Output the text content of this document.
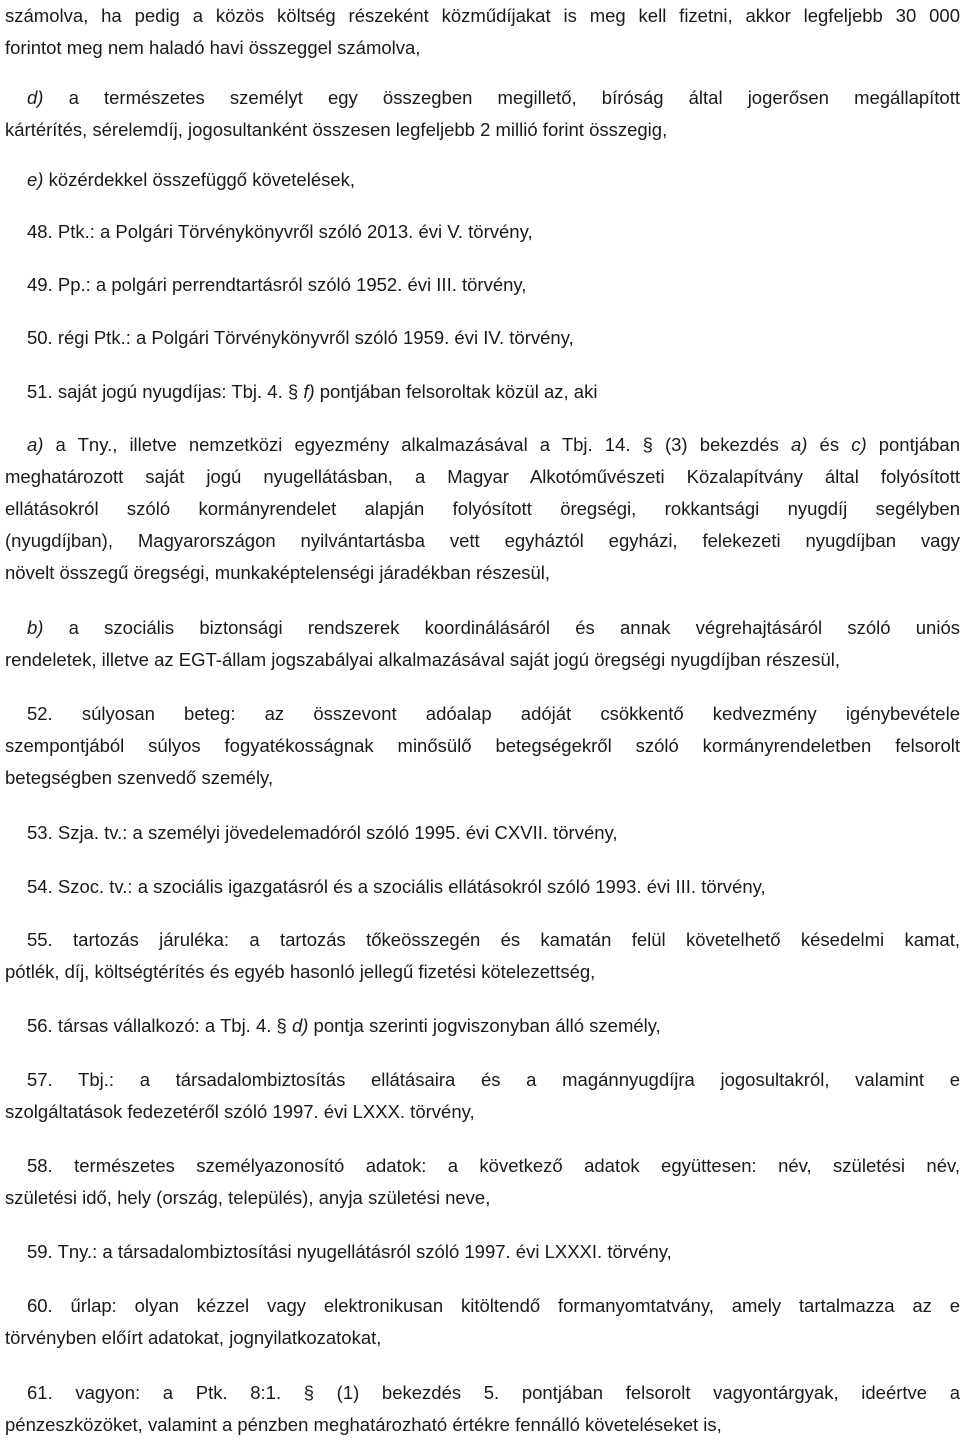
számolva, ha pedig a közös költség részeként közműdíjakat is meg kell fizetni, akkor legfeljebb 30 000
forintot meg nem haladó havi összeggel számolva,
d) a természetes személyt egy összegben megillető, bíróság által jogerősen megállapított
kártérítés, sérelemdíj, jogosultanként összesen legfeljebb 2 millió forint összegig,
e) közérdekkel összefüggő követelések,
48. Ptk.: a Polgári Törvénykönyvről szóló 2013. évi V. törvény,
49. Pp.: a polgári perrendtartásról szóló 1952. évi III. törvény,
50. régi Ptk.: a Polgári Törvénykönyvről szóló 1959. évi IV. törvény,
51. saját jogú nyugdíjas: Tbj. 4. § f) pontjában felsoroltak közül az, aki
a) a Tny., illetve nemzetközi egyezmény alkalmazásával a Tbj. 14. § (3) bekezdés a) és c) pontjában
meghatározott saját jogú nyugellátásban, a Magyar Alkotóművészeti Közalapítvány által folyósított
ellátásokról szóló kormányrendelet alapján folyósított öregségi, rokkantsági nyugdíj segélyben
(nyugdíjban), Magyarországon nyilvántartásba vett egyháztól egyházi, felekezeti nyugdíjban vagy
növelt összegű öregségi, munkaképtelenségi járadékban részesül,
b) a szociális biztonsági rendszerek koordinálásáról és annak végrehajtásáról szóló uniós
rendeletek, illetve az EGT-állam jogszabályai alkalmazásával saját jogú öregségi nyugdíjban részesül,
52. súlyosan beteg: az összevont adóalap adóját csökkentő kedvezmény igénybevétele
szempontjából súlyos fogyatékosságnak minősülő betegségekről szóló kormányrendeletben felsorolt
betegségben szenvedő személy,
53. Szja. tv.: a személyi jövedelemadóról szóló 1995. évi CXVII. törvény,
54. Szoc. tv.: a szociális igazgatásról és a szociális ellátásokról szóló 1993. évi III. törvény,
55. tartozás járuléka: a tartozás tőkeösszegén és kamatán felül követelhető késedelmi kamat,
pótlék, díj, költségtérítés és egyéb hasonló jellegű fizetési kötelezettség,
56. társas vállalkozó: a Tbj. 4. § d) pontja szerinti jogviszonyban álló személy,
57. Tbj.: a társadalombiztosítás ellátásaira és a magánnyugdíjra jogosultakról, valamint e
szolgáltatások fedezetéről szóló 1997. évi LXXX. törvény,
58. természetes személyazonosító adatok: a következő adatok együttesen: név, születési név,
születési idő, hely (ország, település), anyja születési neve,
59. Tny.: a társadalombiztosítási nyugellátásról szóló 1997. évi LXXXI. törvény,
60. űrlap: olyan kézzel vagy elektronikusan kitöltendő formanyomtatvány, amely tartalmazza az e
törvényben előírt adatokat, jognyilatkozatokat,
61. vagyon: a Ptk. 8:1. § (1) bekezdés 5. pontjában felsorolt vagyontárgyak, ideértve a
pénzeszközöket, valamint a pénzben meghatározható értékre fennálló követeléseket is,
